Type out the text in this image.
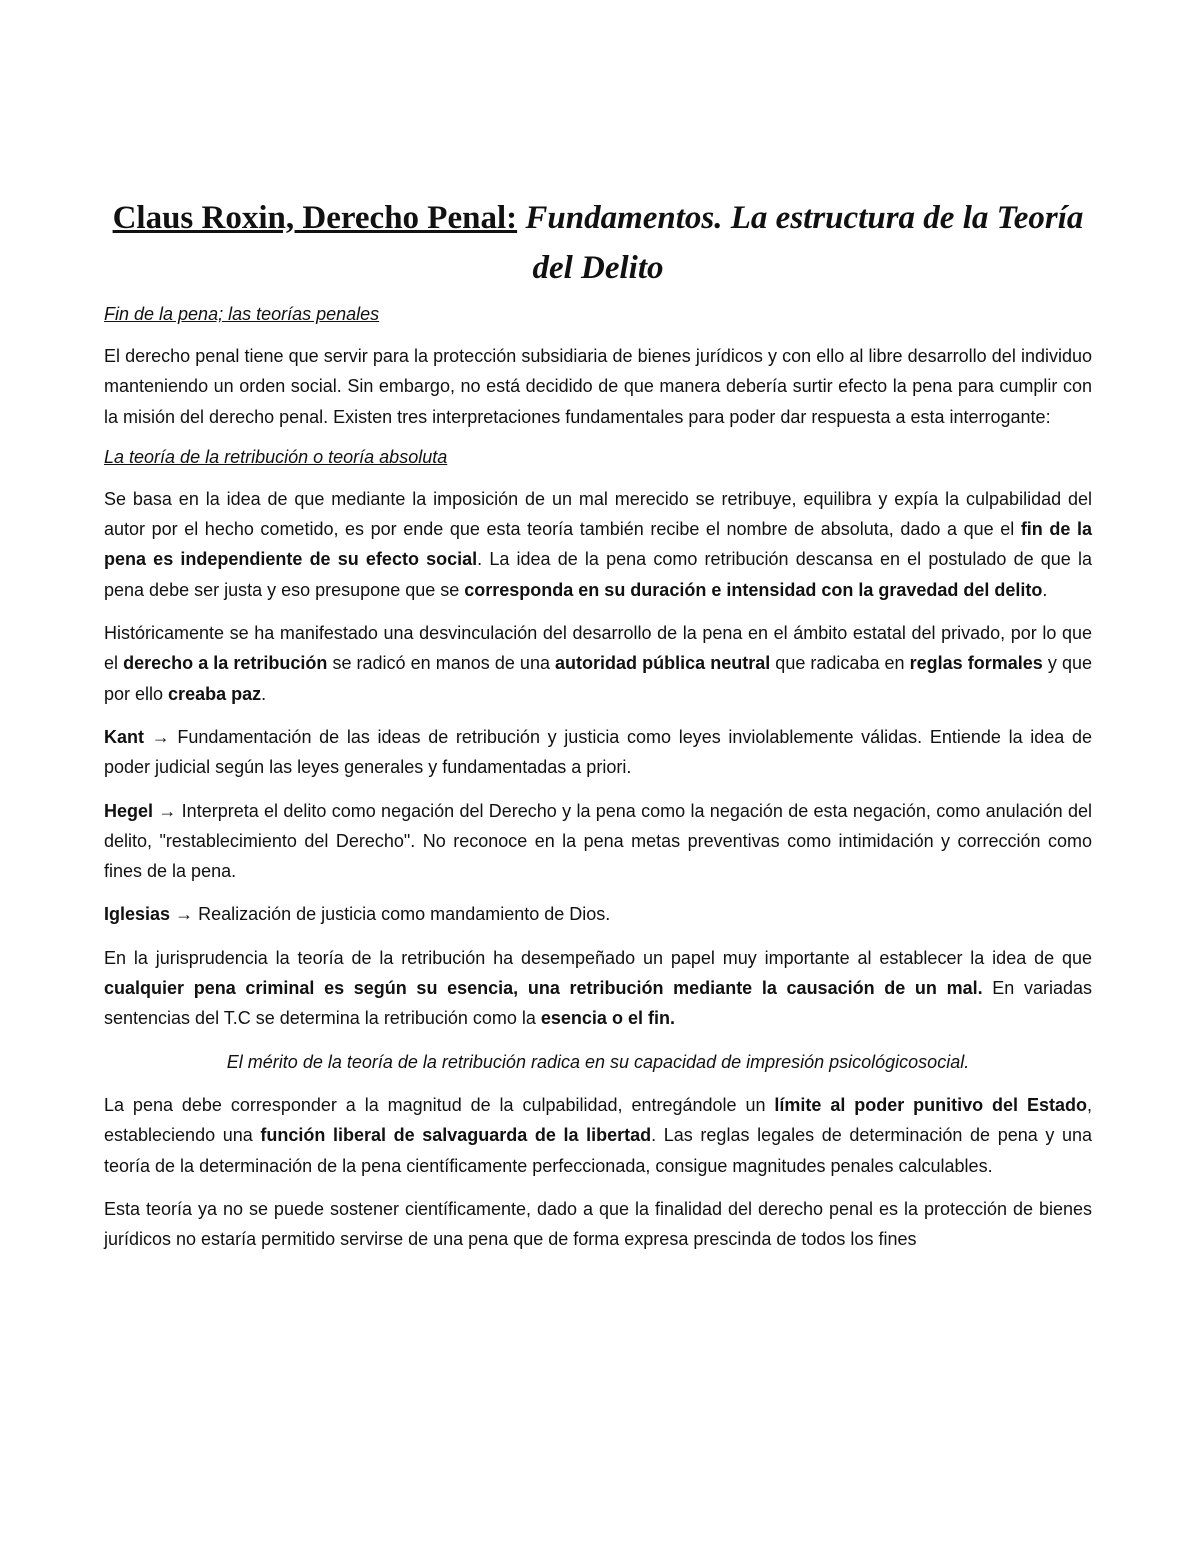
Claus Roxin, Derecho Penal: Fundamentos. La estructura de la Teoría del Delito
Fin de la pena; las teorías penales

El derecho penal tiene que servir para la protección subsidiaria de bienes jurídicos y con ello al libre desarrollo del individuo manteniendo un orden social. Sin embargo, no está decidido de que manera debería surtir efecto la pena para cumplir con la misión del derecho penal. Existen tres interpretaciones fundamentales para poder dar respuesta a esta interrogante:

La teoría de la retribución o teoría absoluta

Se basa en la idea de que mediante la imposición de un mal merecido se retribuye, equilibra y expía la culpabilidad del autor por el hecho cometido, es por ende que esta teoría también recibe el nombre de absoluta, dado a que el fin de la pena es independiente de su efecto social. La idea de la pena como retribución descansa en el postulado de que la pena debe ser justa y eso presupone que se corresponda en su duración e intensidad con la gravedad del delito.

Históricamente se ha manifestado una desvinculación del desarrollo de la pena en el ámbito estatal del privado, por lo que el derecho a la retribución se radicó en manos de una autoridad pública neutral que radicaba en reglas formales y que por ello creaba paz.

Kant → Fundamentación de las ideas de retribución y justicia como leyes inviolablemente válidas. Entiende la idea de poder judicial según las leyes generales y fundamentadas a priori.

Hegel → Interpreta el delito como negación del Derecho y la pena como la negación de esta negación, como anulación del delito, "restablecimiento del Derecho". No reconoce en la pena metas preventivas como intimidación y corrección como fines de la pena.

Iglesias → Realización de justicia como mandamiento de Dios.

En la jurisprudencia la teoría de la retribución ha desempeñado un papel muy importante al establecer la idea de que cualquier pena criminal es según su esencia, una retribución mediante la causación de un mal. En variadas sentencias del T.C se determina la retribución como la esencia o el fin.

El mérito de la teoría de la retribución radica en su capacidad de impresión psicológicosocial.

La pena debe corresponder a la magnitud de la culpabilidad, entregándole un límite al poder punitivo del Estado, estableciendo una función liberal de salvaguarda de la libertad. Las reglas legales de determinación de pena y una teoría de la determinación de la pena científicamente perfeccionada, consigue magnitudes penales calculables.

Esta teoría ya no se puede sostener científicamente, dado a que la finalidad del derecho penal es la protección de bienes jurídicos no estaría permitido servirse de una pena que de forma expresa prescinda de todos los fines
